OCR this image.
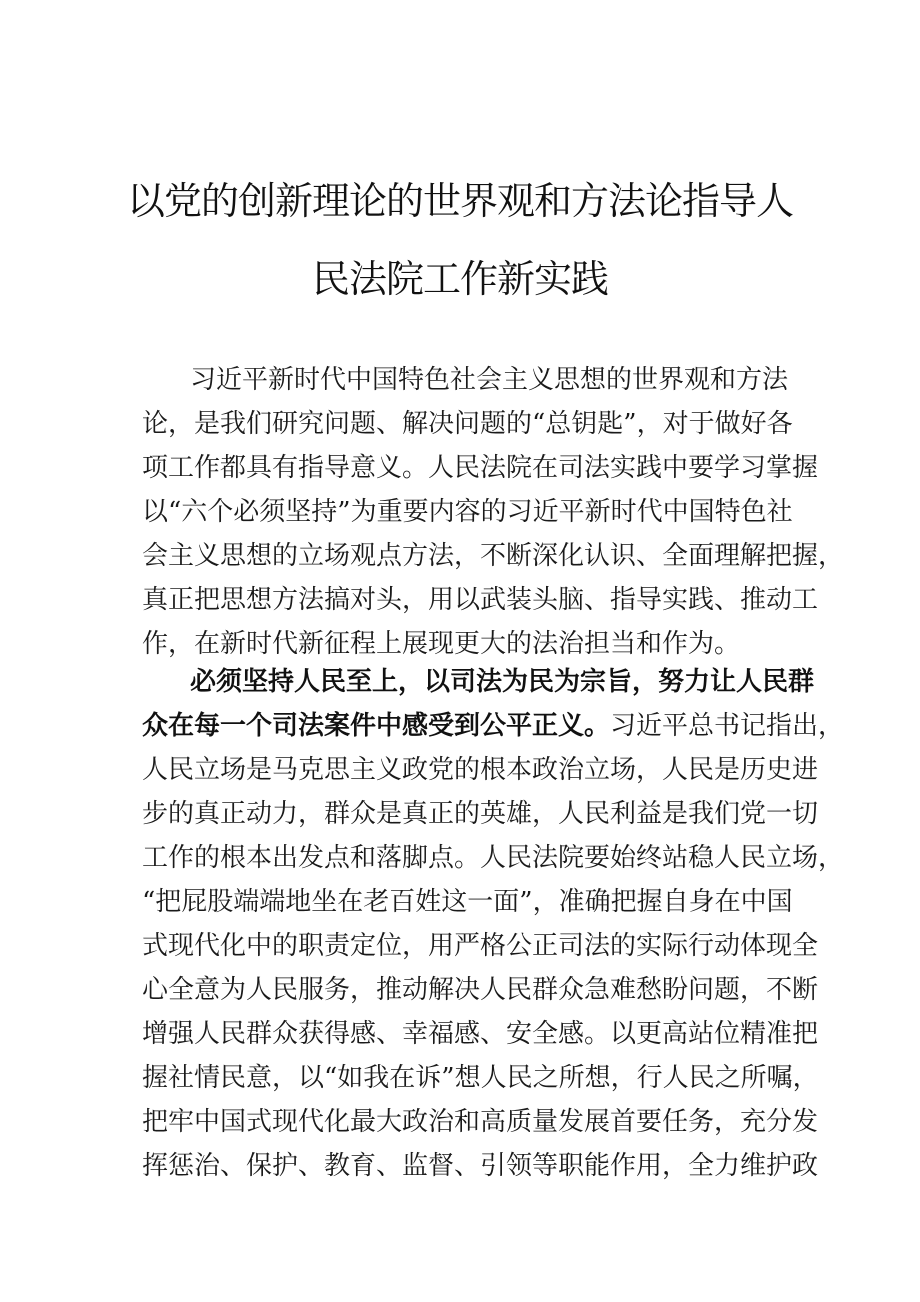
以党的创新理论的世界观和方法论指导人
民法院工作新实践
习近平新时代中国特色社会主义思想的世界观和方法
论，是我们研究问题、解决问题的“总钥匙”，对于做好各
项工作都具有指导意义。人民法院在司法实践中要学习掌握
以“六个必须坚持”为重要内容的习近平新时代中国特色社
会主义思想的立场观点方法，不断深化认识、全面理解把握，
真正把思想方法搞对头，用以武装头脑、指导实践、推动工
作，在新时代新征程上展现更大的法治担当和作为。
必须坚持人民至上，以司法为民为宗旨，努力让人民群
众在每一个司法案件中感受到公平正义。习近平总书记指出，
人民立场是马克思主义政党的根本政治立场，人民是历史进
步的真正动力，群众是真正的英雄，人民利益是我们党一切
工作的根本出发点和落脚点。人民法院要始终站稳人民立场，
“把屁股端端地坐在老百姓这一面”，准确把握自身在中国
式现代化中的职责定位，用严格公正司法的实际行动体现全
心全意为人民服务，推动解决人民群众急难愁盼问题，不断
增强人民群众获得感、幸福感、安全感。以更高站位精准把
握社情民意，以“如我在诉”想人民之所想，行人民之所嘱，
把牢中国式现代化最大政治和高质量发展首要任务，充分发
挥惩治、保护、教育、监督、引领等职能作用，全力维护政
